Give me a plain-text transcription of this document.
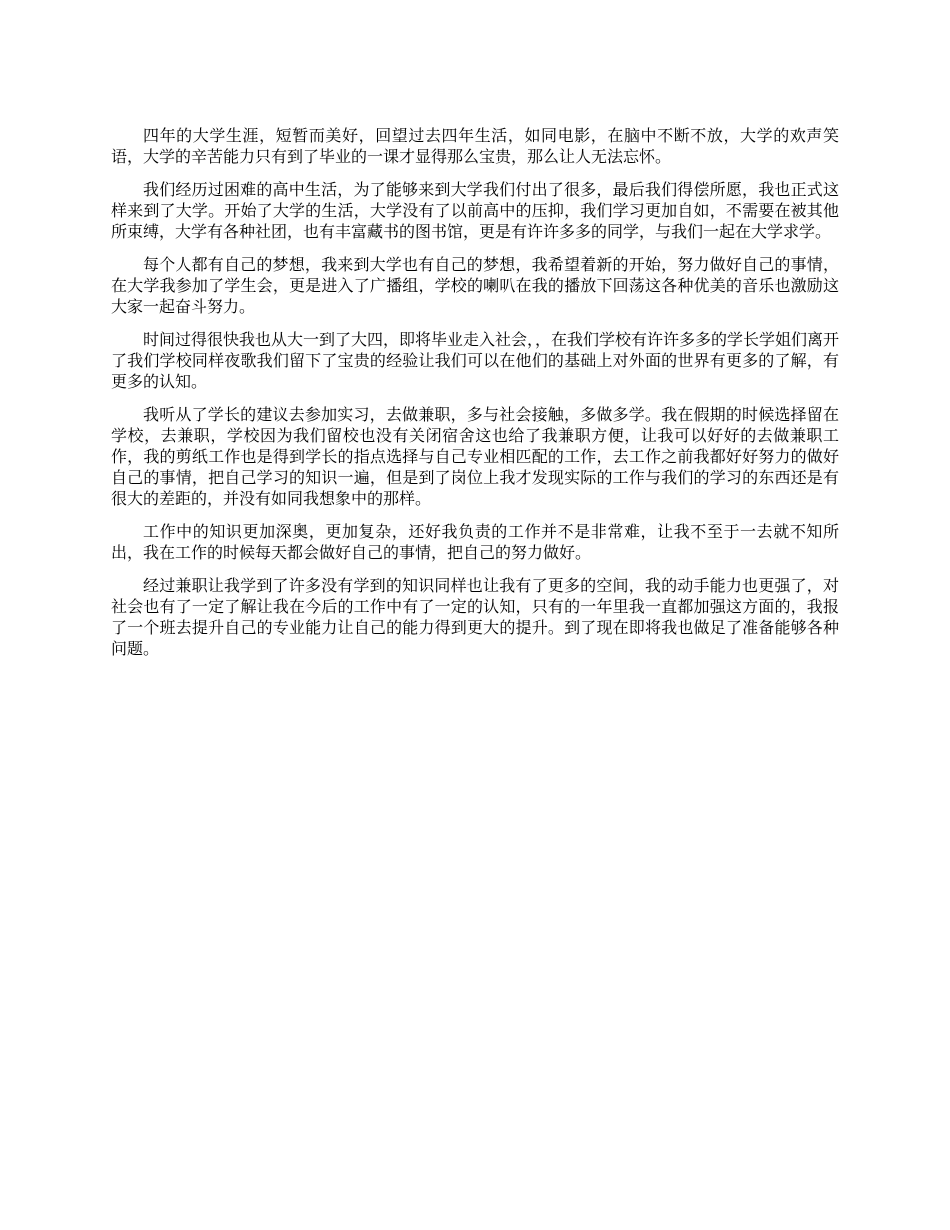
四年的大学生涯，短暂而美好，回望过去四年生活，如同电影，在脑中不断不放，大学的欢声笑语，大学的辛苦能力只有到了毕业的一课才显得那么宝贵，那么让人无法忘怀。

我们经历过困难的高中生活，为了能够来到大学我们付出了很多，最后我们得偿所愿，我也正式这样来到了大学。开始了大学的生活，大学没有了以前高中的压抑，我们学习更加自如，不需要在被其他所束缚，大学有各种社团，也有丰富藏书的图书馆，更是有许许多多的同学，与我们一起在大学求学。

每个人都有自己的梦想，我来到大学也有自己的梦想，我希望着新的开始，努力做好自己的事情，在大学我参加了学生会，更是进入了广播组，学校的喇叭在我的播放下回荡这各种优美的音乐也激励这大家一起奋斗努力。

时间过得很快我也从大一到了大四，即将毕业走入社会，，在我们学校有许许多多的学长学姐们离开了我们学校同样夜歌我们留下了宝贵的经验让我们可以在他们的基础上对外面的世界有更多的了解，有更多的认知。

我听从了学长的建议去参加实习，去做兼职，多与社会接触，多做多学。我在假期的时候选择留在学校，去兼职，学校因为我们留校也没有关闭宿舍这也给了我兼职方便，让我可以好好的去做兼职工作，我的剪纸工作也是得到学长的指点选择与自己专业相匹配的工作，去工作之前我都好好努力的做好自己的事情，把自己学习的知识一遍，但是到了岗位上我才发现实际的工作与我们的学习的东西还是有很大的差距的，并没有如同我想象中的那样。

工作中的知识更加深奥，更加复杂，还好我负责的工作并不是非常难，让我不至于一去就不知所出，我在工作的时候每天都会做好自己的事情，把自己的努力做好。

经过兼职让我学到了许多没有学到的知识同样也让我有了更多的空间，我的动手能力也更强了，对社会也有了一定了解让我在今后的工作中有了一定的认知，只有的一年里我一直都加强这方面的，我报了一个班去提升自己的专业能力让自己的能力得到更大的提升。到了现在即将我也做足了准备能够各种问题。
